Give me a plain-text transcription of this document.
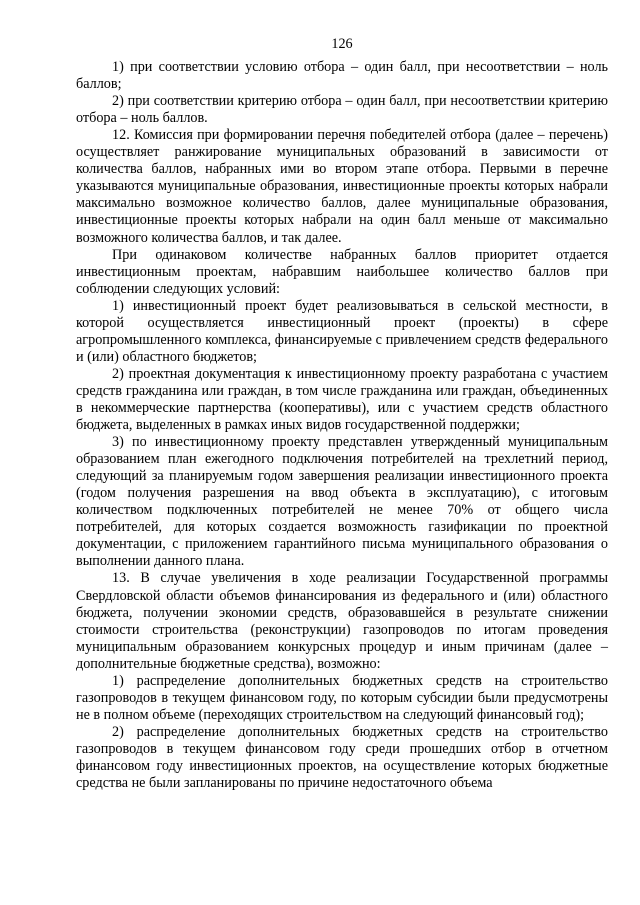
126

1) при соответствии условию отбора – один балл, при несоответствии – ноль баллов;

2) при соответствии критерию отбора – один балл, при несоответствии критерию отбора – ноль баллов.

12. Комиссия при формировании перечня победителей отбора (далее – перечень) осуществляет ранжирование муниципальных образований в зависимости от количества баллов, набранных ими во втором этапе отбора. Первыми в перечне указываются муниципальные образования, инвестиционные проекты которых набрали максимально возможное количество баллов, далее муниципальные образования, инвестиционные проекты которых набрали на один балл меньше от максимально возможного количества баллов, и так далее.

При одинаковом количестве набранных баллов приоритет отдается инвестиционным проектам, набравшим наибольшее количество баллов при соблюдении следующих условий:

1) инвестиционный проект будет реализовываться в сельской местности, в которой осуществляется инвестиционный проект (проекты) в сфере агропромышленного комплекса, финансируемые с привлечением средств федерального и (или) областного бюджетов;

2) проектная документация к инвестиционному проекту разработана с участием средств гражданина или граждан, в том числе гражданина или граждан, объединенных в некоммерческие партнерства (кооперативы), или с участием средств областного бюджета, выделенных в рамках иных видов государственной поддержки;

3) по инвестиционному проекту представлен утвержденный муниципальным образованием план ежегодного подключения потребителей на трехлетний период, следующий за планируемым годом завершения реализации инвестиционного проекта (годом получения разрешения на ввод объекта в эксплуатацию), с итоговым количеством подключенных потребителей не менее 70% от общего числа потребителей, для которых создается возможность газификации по проектной документации, с приложением гарантийного письма муниципального образования о выполнении данного плана.

13. В случае увеличения в ходе реализации Государственной программы Свердловской области объемов финансирования из федерального и (или) областного бюджета, получении экономии средств, образовавшейся в результате снижении стоимости строительства (реконструкции) газопроводов по итогам проведения муниципальным образованием конкурсных процедур и иным причинам (далее – дополнительные бюджетные средства), возможно:

1) распределение дополнительных бюджетных средств на строительство газопроводов в текущем финансовом году, по которым субсидии были предусмотрены не в полном объеме (переходящих строительством на следующий финансовый год);

2) распределение дополнительных бюджетных средств на строительство газопроводов в текущем финансовом году среди прошедших отбор в отчетном финансовом году инвестиционных проектов, на осуществление которых бюджетные средства не были запланированы по причине недостаточного объема
